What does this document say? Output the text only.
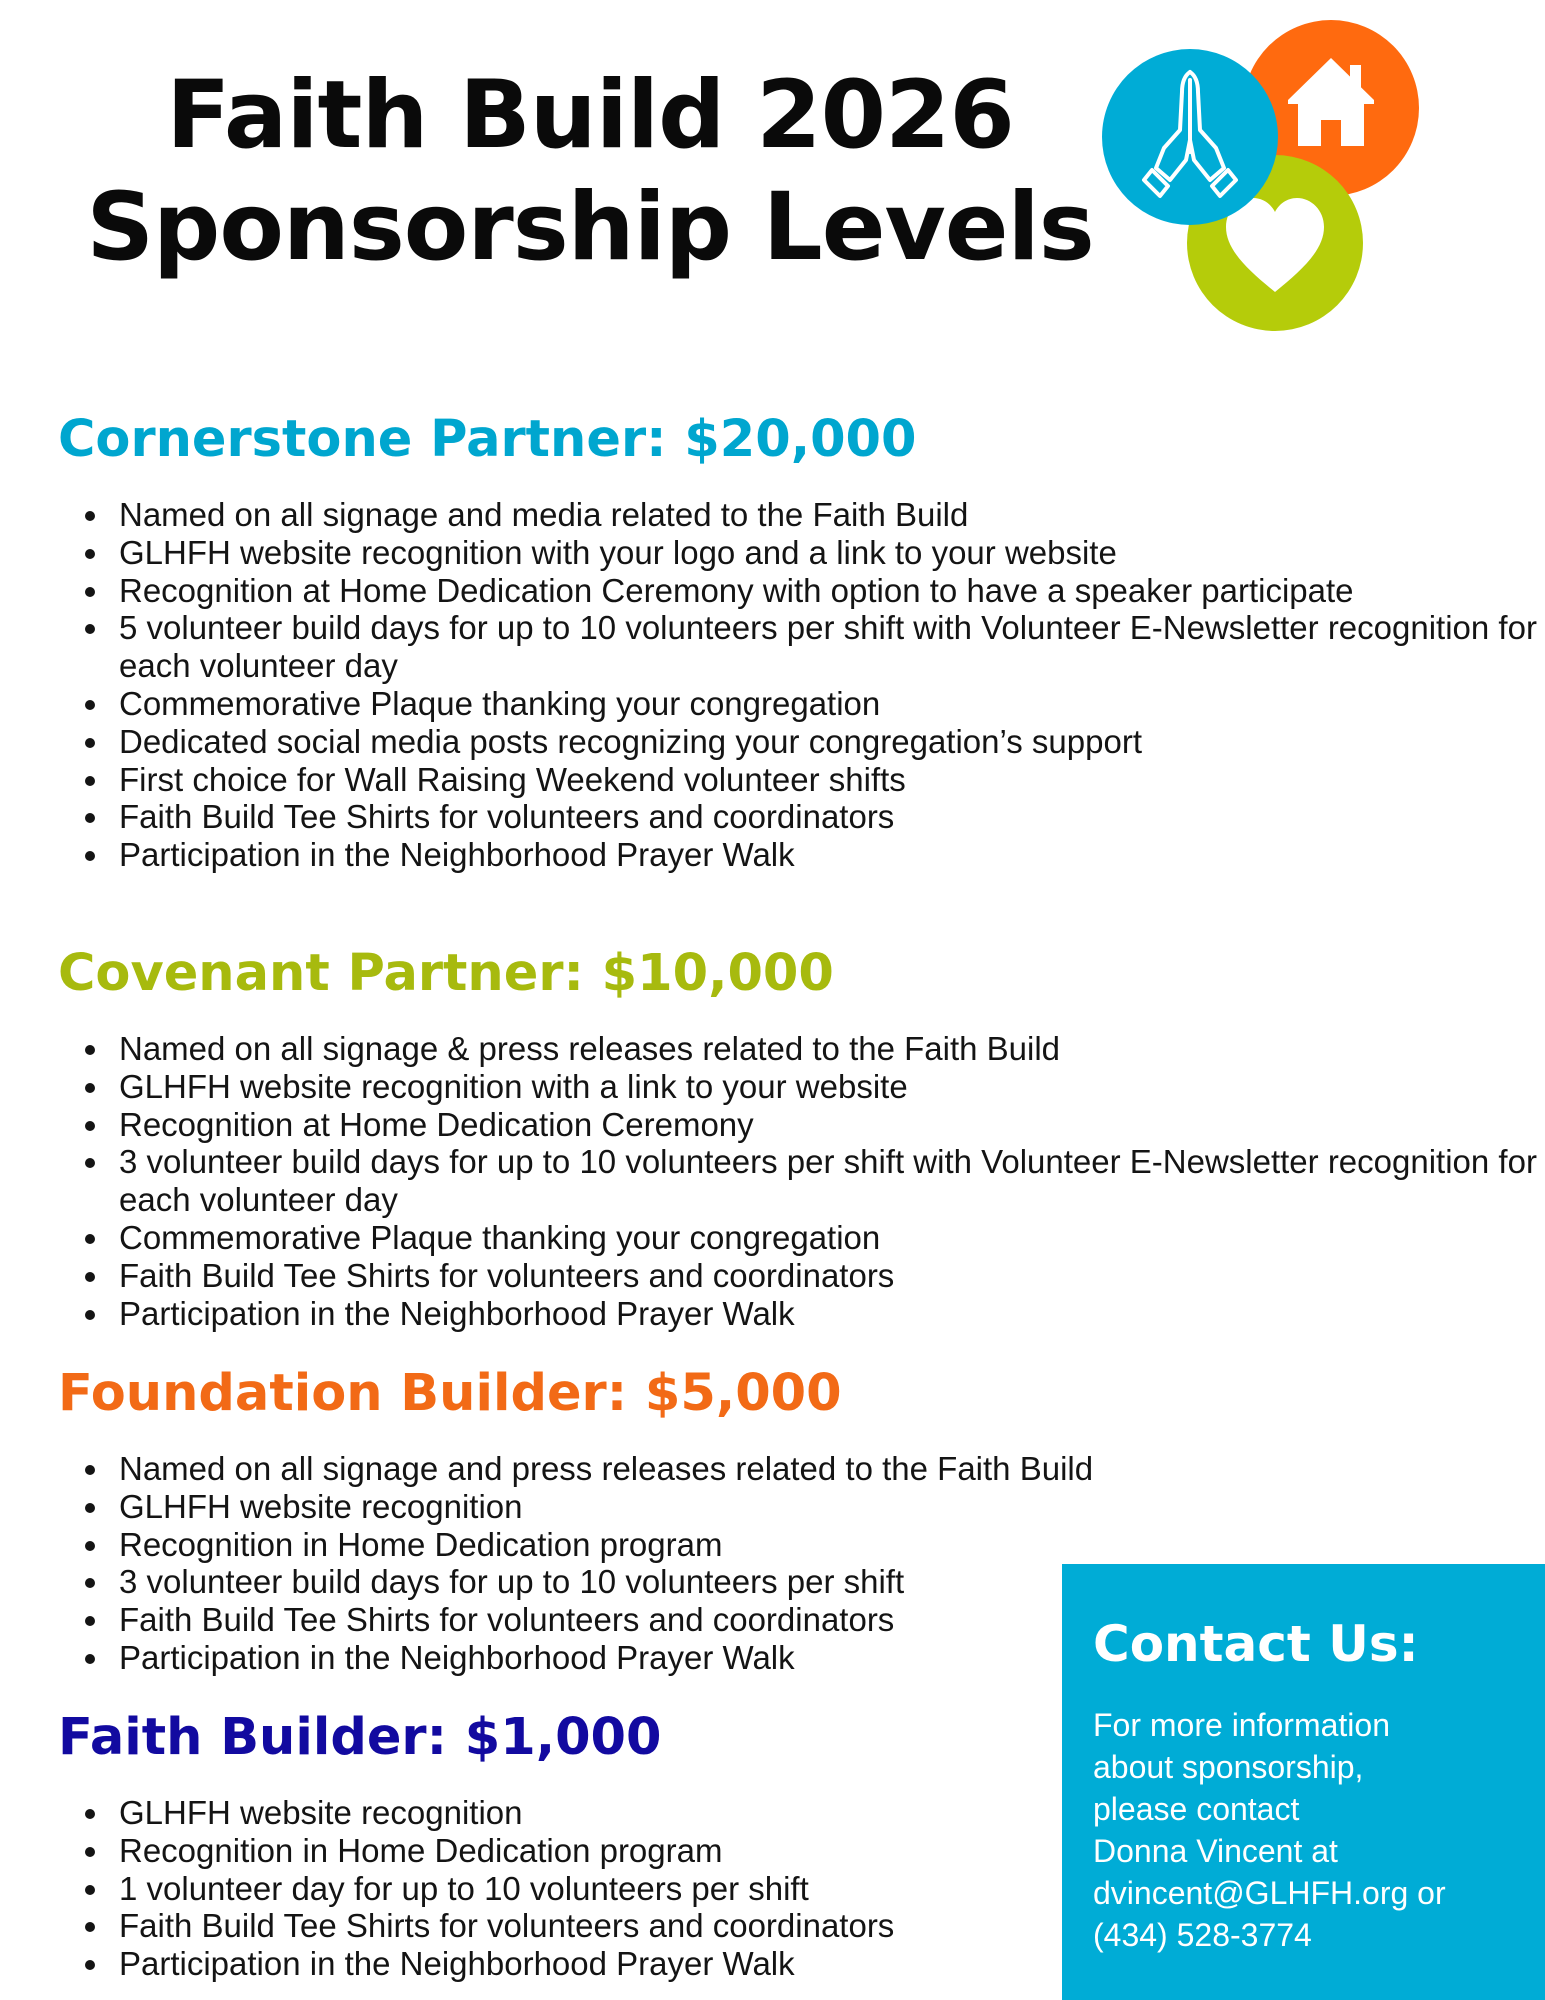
Faith Build 2026
Sponsorship Levels
Cornerstone Partner: $20,000
Named on all signage and media related to the Faith Build
GLHFH website recognition with your logo and a link to your website
Recognition at Home Dedication Ceremony with option to have a speaker participate
5 volunteer build days for up to 10 volunteers per shift with Volunteer E-Newsletter recognition for each volunteer day
Commemorative Plaque thanking your congregation
Dedicated social media posts recognizing your congregation’s support
First choice for Wall Raising Weekend volunteer shifts
Faith Build Tee Shirts for volunteers and coordinators
Participation in the Neighborhood Prayer Walk
Covenant Partner: $10,000
Named on all signage & press releases related to the Faith Build
GLHFH website recognition with a link to your website
Recognition at Home Dedication Ceremony
3 volunteer build days for up to 10 volunteers per shift with Volunteer E-Newsletter recognition for each volunteer day
Commemorative Plaque thanking your congregation
Faith Build Tee Shirts for volunteers and coordinators
Participation in the Neighborhood Prayer Walk
Foundation Builder: $5,000
Named on all signage and press releases related to the Faith Build
GLHFH website recognition
Recognition in Home Dedication program
3 volunteer build days for up to 10 volunteers per shift
Faith Build Tee Shirts for volunteers and coordinators
Participation in the Neighborhood Prayer Walk
Faith Builder: $1,000
GLHFH website recognition
Recognition in Home Dedication program
1 volunteer day for up to 10 volunteers per shift
Faith Build Tee Shirts for volunteers and coordinators
Participation in the Neighborhood Prayer Walk
Contact Us:
For more information
about sponsorship,
please contact
Donna Vincent at
dvincent@GLHFH.org or
(434) 528-3774
